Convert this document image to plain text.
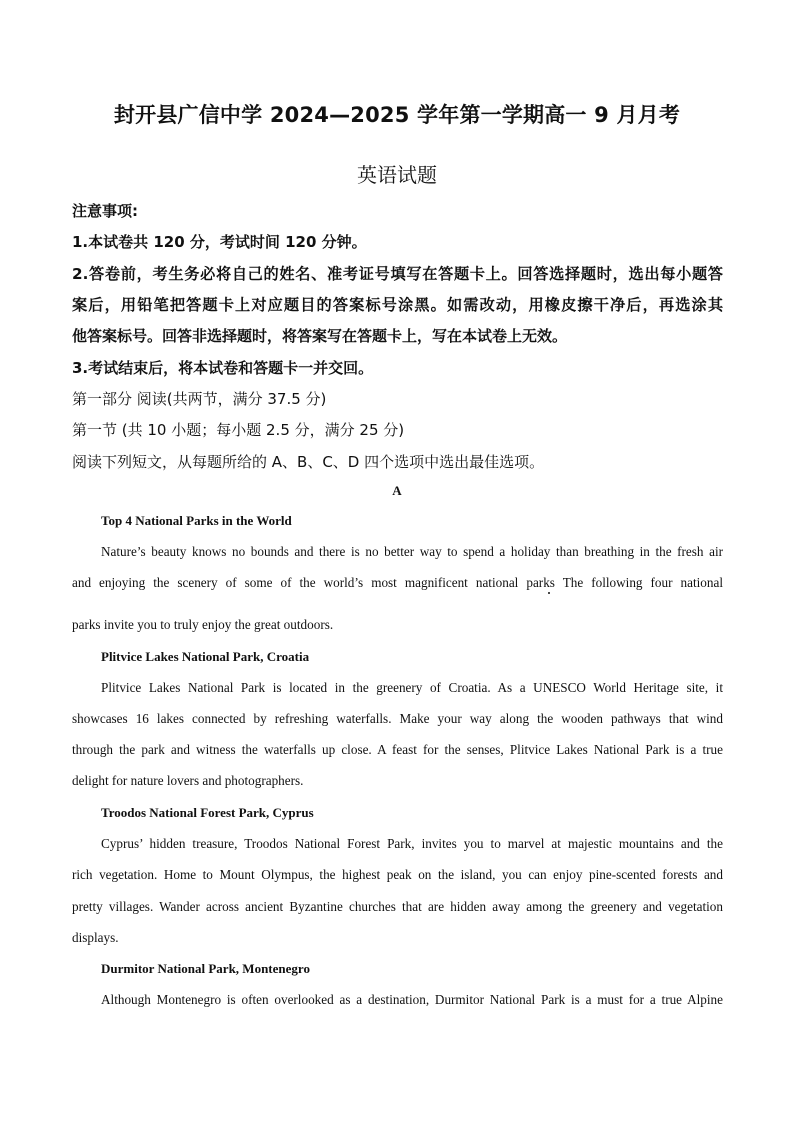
封开县广信中学 2024—2025 学年第一学期高一 9 月月考
英语试题
注意事项:
1.本试卷共 120 分，考试时间 120 分钟。
2.答卷前，考生务必将自己的姓名、准考证号填写在答题卡上。回答选择题时，选出每小题答
案后，用铅笔把答题卡上对应题目的答案标号涂黑。如需改动，用橡皮擦干净后，再选涂其
他答案标号。回答非选择题时，将答案写在答题卡上，写在本试卷上无效。
3.考试结束后，将本试卷和答题卡一并交回。
第一部分 阅读(共两节，满分 37.5 分)
第一节 (共 10 小题；每小题 2.5 分，满分 25 分)
阅读下列短文，从每题所给的 A、B、C、D 四个选项中选出最佳选项。
A
Top 4 National Parks in the World
Nature’s beauty knows no bounds and there is no better way to spend a holiday than breathing in the fresh air
and enjoying the scenery of some of the world’s most magnificent national parks The following four national
parks invite you to truly enjoy the great outdoors.
Plitvice Lakes National Park, Croatia
Plitvice Lakes National Park is located in the greenery of Croatia. As a UNESCO World Heritage site, it
showcases 16 lakes connected by refreshing waterfalls. Make your way along the wooden pathways that wind
through the park and witness the waterfalls up close. A feast for the senses, Plitvice Lakes National Park is a true
delight for nature lovers and photographers.
Troodos National Forest Park, Cyprus
Cyprus’ hidden treasure, Troodos National Forest Park, invites you to marvel at majestic mountains and the
rich vegetation. Home to Mount Olympus, the highest peak on the island, you can enjoy pine-scented forests and
pretty villages. Wander across ancient Byzantine churches that are hidden away among the greenery and vegetation
displays.
Durmitor National Park, Montenegro
Although Montenegro is often overlooked as a destination, Durmitor National Park is a must for a true Alpine
